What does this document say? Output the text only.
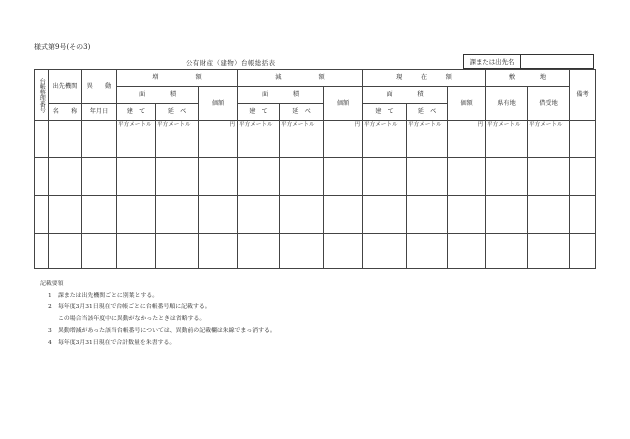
様式第9号(その3)
公有財産（建物）台帳総括表	課または出先名
台帳整理番号	出先機関	異　　動	増　　　　　　額			減　　　　　　額			現　　　在　　　額			敷　　　　地		備考
			面　　　　積		価額	面　　　　積		価額	面　　　　積		価額	県有地	借受地	
	名　　称	年月日	建　て	延　べ		建　て	延　べ		建　て	延　べ				

			平方メートル	平方メートル	円	平方メートル	平方メートル	円	平方メートル	平方メートル	円	平方メートル	平方メートル	

記載要領
1 課または出先機関ごとに別葉とする。
2 毎年度3月31日現在で台帳ごとに台帳番号順に記載する。
この場合当該年度中に異動がなかったときは省略する。
3 異動増減があった該当台帳番号については、異動前の記載欄は朱線でまっ消する。
4 毎年度3月31日現在で合計数量を朱書する。
